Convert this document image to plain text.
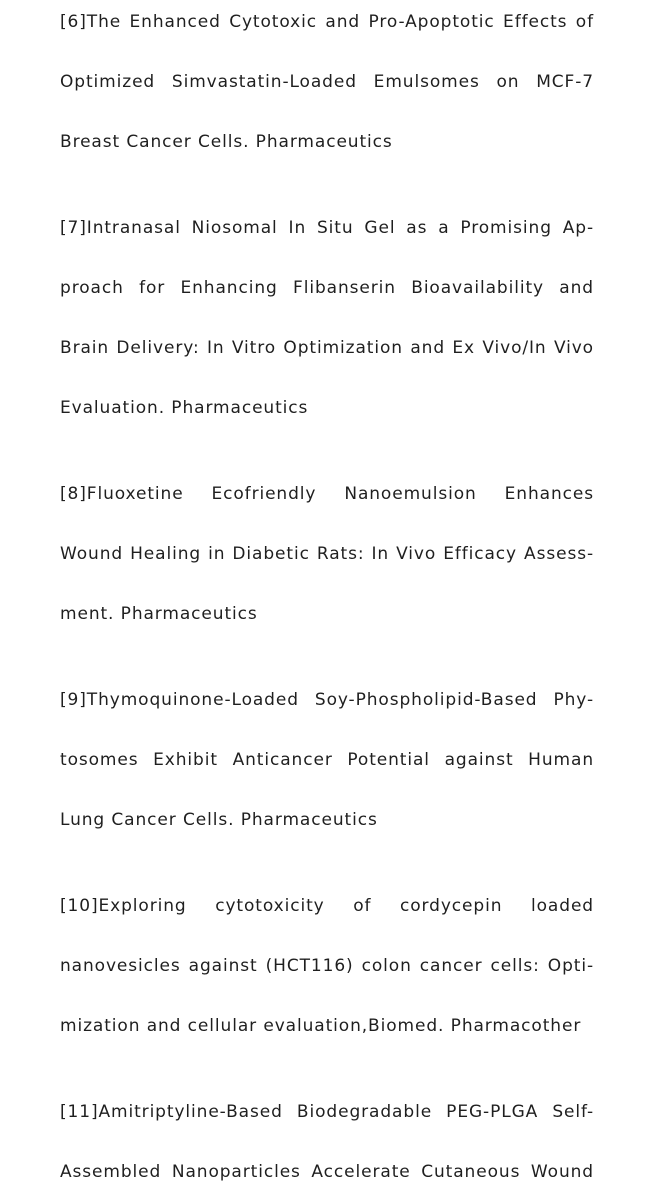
[6]The Enhanced Cytotoxic and Pro-Apoptotic Effects of
Optimized Simvastatin-Loaded Emulsomes on MCF-7
Breast Cancer Cells. Pharmaceutics
[7]Intranasal Niosomal In Situ Gel as a Promising Ap-
proach for Enhancing Flibanserin Bioavailability and
Brain Delivery: In Vitro Optimization and Ex Vivo/In Vivo
Evaluation. Pharmaceutics
[8]Fluoxetine Ecofriendly Nanoemulsion Enhances
Wound Healing in Diabetic Rats: In Vivo Efficacy Assess-
ment. Pharmaceutics
[9]Thymoquinone-Loaded Soy-Phospholipid-Based Phy-
tosomes Exhibit Anticancer Potential against Human
Lung Cancer Cells. Pharmaceutics
[10]Exploring cytotoxicity of cordycepin loaded
nanovesicles against (HCT116) colon cancer cells: Opti-
mization and cellular evaluation,Biomed. Pharmacother
[11]Amitriptyline-Based Biodegradable PEG-PLGA Self-
Assembled Nanoparticles Accelerate Cutaneous Wound
